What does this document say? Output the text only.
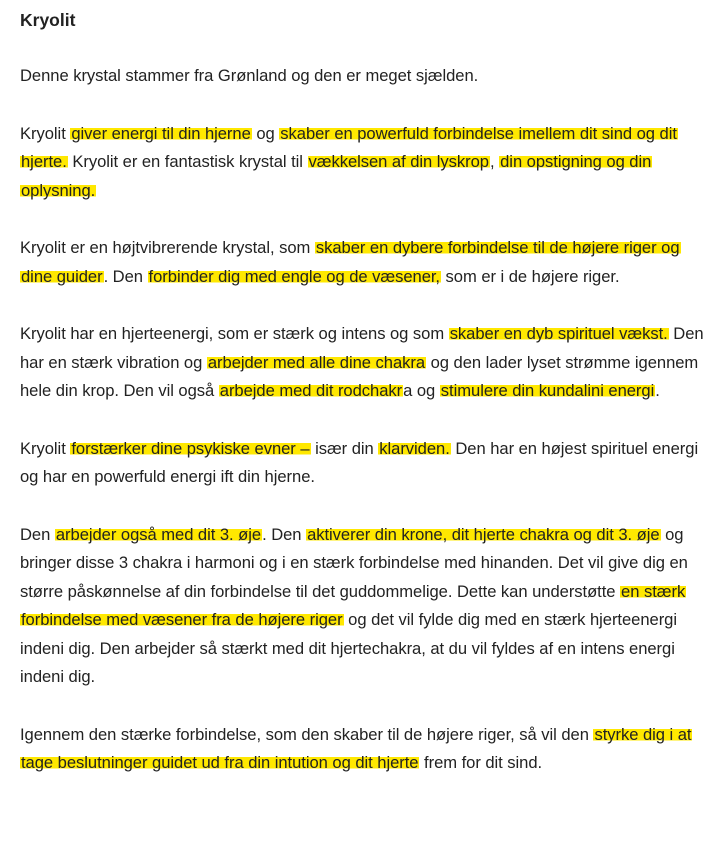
Kryolit

Denne krystal stammer fra Grønland og den er meget sjælden.

Kryolit giver energi til din hjerne og skaber en powerfuld forbindelse imellem dit sind og dit hjerte. Kryolit er en fantastisk krystal til vækkelsen af din lyskrop, din opstigning og din oplysning.

Kryolit er en højtvibrerende krystal, som skaber en dybere forbindelse til de højere riger og dine guider. Den forbinder dig med engle og de væsener, som er i de højere riger.

Kryolit har en hjerteenergi, som er stærk og intens og som skaber en dyb spirituel vækst. Den har en stærk vibration og arbejder med alle dine chakra og den lader lyset strømme igennem hele din krop. Den vil også arbejde med dit rodchakra og stimulere din kundalini energi.

Kryolit forstærker dine psykiske evner – især din klarviden. Den har en højest spirituel energi og har en powerfuld energi ift din hjerne.

Den arbejder også med dit 3. øje. Den aktiverer din krone, dit hjerte chakra og dit 3. øje og bringer disse 3 chakra i harmoni og i en stærk forbindelse med hinanden. Det vil give dig en større påskønnelse af din forbindelse til det guddommelige. Dette kan understøtte en stærk forbindelse med væsener fra de højere riger og det vil fylde dig med en stærk hjerteenergi indeni dig. Den arbejder så stærkt med dit hjertechakra, at du vil fyldes af en intens energi indeni dig.

Igennem den stærke forbindelse, som den skaber til de højere riger, så vil den styrke dig i at tage beslutninger guidet ud fra din intution og dit hjerte frem for dit sind.
